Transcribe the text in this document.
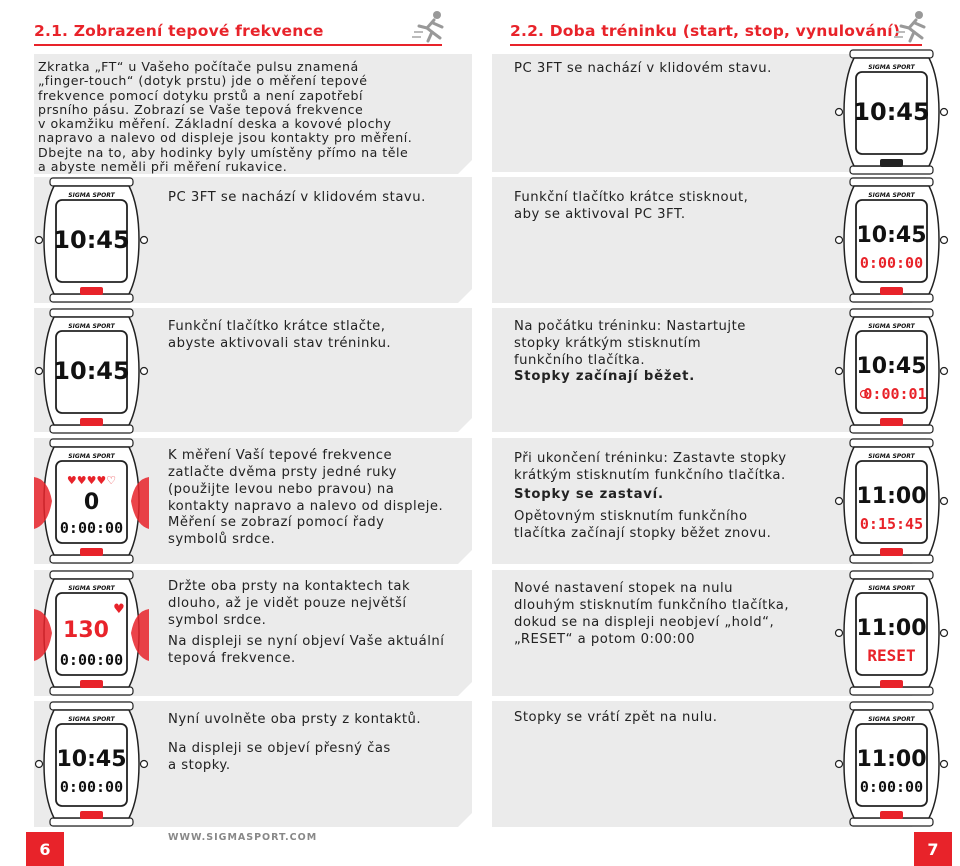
2.1. Zobrazení tepové frekvence	2.2. Doba tréninku (start, stop, vynulování)
Zkratka „FT“ u Vašeho počítače pulsu znamená
„finger-touch“ (dotyk prstu) jde o měření tepové
frekvence pomocí dotyku prstů a není zapotřebí
prsního pásu. Zobrazí se Vaše tepová frekvence
v okamžiku měření. Základní deska a kovové plochy
napravo a nalevo od displeje jsou kontakty pro měření.
Dbejte na to, aby hodinky byly umístěny přímo na těle
a abyste neměli při měření rukavice.
PC 3FT se nachází v klidovém stavu.
Funkční tlačítko krátce stlačte,
abyste aktivovali stav tréninku.
K měření Vaší tepové frekvence
zatlačte dvěma prsty jedné ruky
(použijte levou nebo pravou) na
kontakty napravo a nalevo od displeje.
Měření se zobrazí pomocí řady
symbolů srdce.
Držte oba prsty na kontaktech tak
dlouho, až je vidět pouze největší
symbol srdce.
Na displeji se nyní objeví Vaše aktuální
tepová frekvence.
Nyní uvolněte oba prsty z kontaktů.
Na displeji se objeví přesný čas
a stopky.
PC 3FT se nachází v klidovém stavu.
Funkční tlačítko krátce stisknout,
aby se aktivoval PC 3FT.
Na počátku tréninku: Nastartujte
stopky krátkým stisknutím
funkčního tlačítka.
Stopky začínají běžet.
Při ukončení tréninku: Zastavte stopky
krátkým stisknutím funkčního tlačítka.
Stopky se zastaví.
Opětovným stisknutím funkčního
tlačítka začínají stopky běžet znovu.
Nové nastavení stopek na nulu
dlouhým stisknutím funkčního tlačítka,
dokud se na displeji neobjeví „hold“,
„RESET“ a potom 0:00:00
Stopky se vrátí zpět na nulu.
SIGMA SPORT
10:45
SIGMA SPORT
10:45
SIGMA SPORT
♥♥♥♥♡
0
0:00:00
SIGMA SPORT
♥
130
0:00:00
SIGMA SPORT
10:45
0:00:00
SIGMA SPORT
10:45
SIGMA SPORT
10:45
0:00:00
SIGMA SPORT
10:45
0:00:01
SIGMA SPORT
11:00
0:15:45
SIGMA SPORT
11:00
RESET
SIGMA SPORT
11:00
0:00:00
6
WWW.SIGMASPORT.COM
7
